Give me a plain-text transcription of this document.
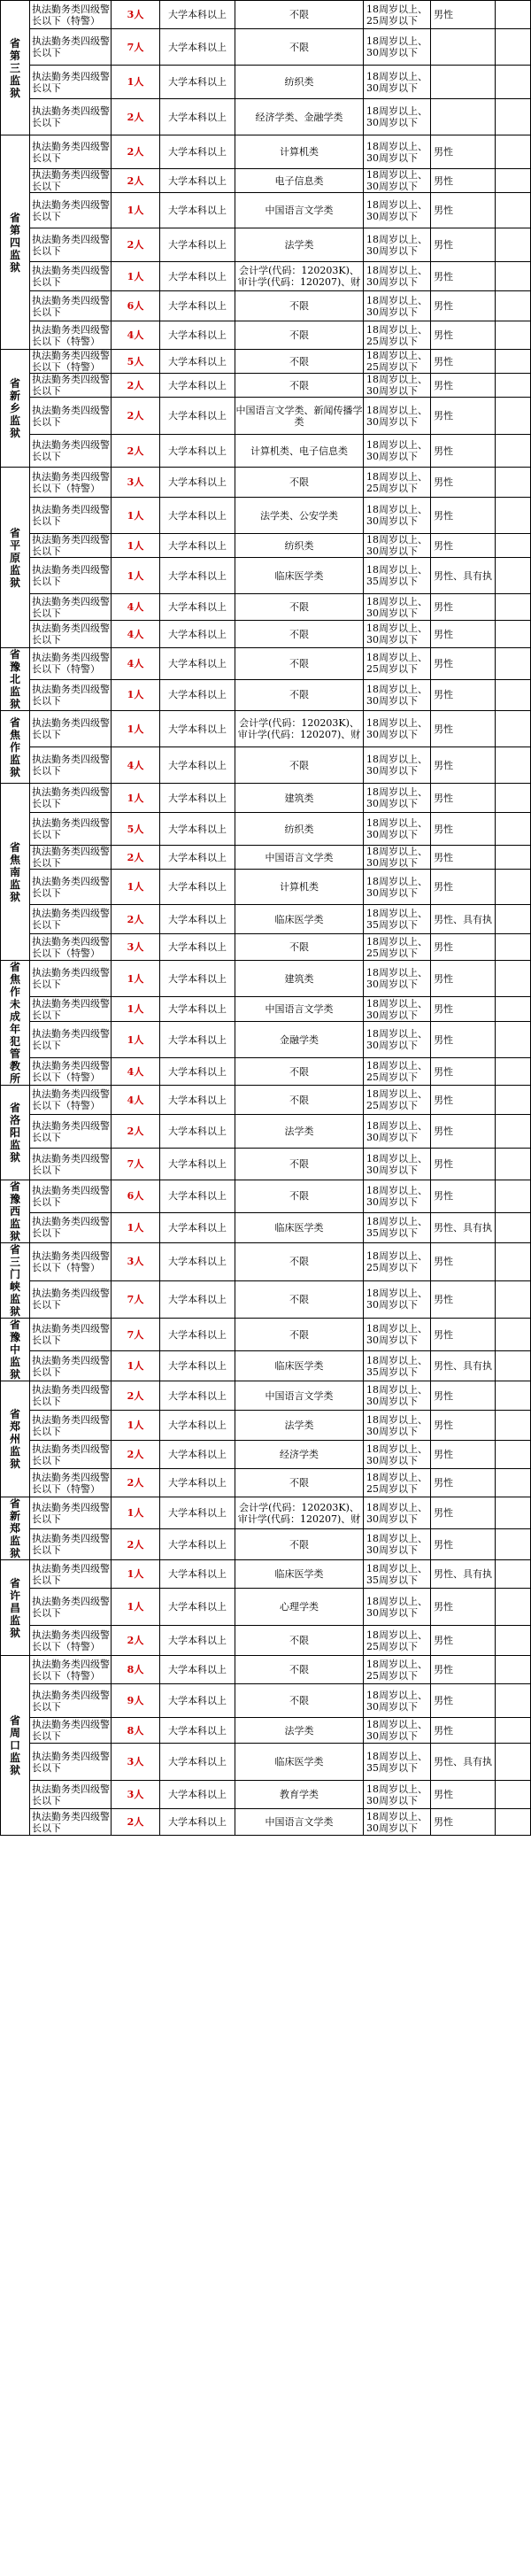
省第三监狱	执法勤务类四级警长以下（特警）	3人	大学本科以上	不限	18周岁以上、25周岁以下	男性	
	执法勤务类四级警长以下	7人	大学本科以上	不限	18周岁以上、30周岁以下		
	执法勤务类四级警长以下	1人	大学本科以上	纺织类	18周岁以上、30周岁以下		
	执法勤务类四级警长以下	2人	大学本科以上	经济学类、金融学类	18周岁以上、30周岁以下		
省第四监狱	执法勤务类四级警长以下	2人	大学本科以上	计算机类	18周岁以上、30周岁以下	男性	
	执法勤务类四级警长以下	2人	大学本科以上	电子信息类	18周岁以上、30周岁以下	男性	
	执法勤务类四级警长以下	1人	大学本科以上	中国语言文学类	18周岁以上、30周岁以下	男性	
	执法勤务类四级警长以下	2人	大学本科以上	法学类	18周岁以上、30周岁以下	男性	
	执法勤务类四级警长以下	1人	大学本科以上	会计学(代码：120203K)、审计学(代码：120207)、财	18周岁以上、30周岁以下	男性	
	执法勤务类四级警长以下	6人	大学本科以上	不限	18周岁以上、30周岁以下	男性	
	执法勤务类四级警长以下（特警）	4人	大学本科以上	不限	18周岁以上、25周岁以下	男性	
省新乡监狱	执法勤务类四级警长以下（特警）	5人	大学本科以上	不限	18周岁以上、25周岁以下	男性	
	执法勤务类四级警长以下	2人	大学本科以上	不限	18周岁以上、30周岁以下	男性	
	执法勤务类四级警长以下	2人	大学本科以上	中国语言文学类、新闻传播学类	18周岁以上、30周岁以下	男性	
	执法勤务类四级警长以下	2人	大学本科以上	计算机类、电子信息类	18周岁以上、30周岁以下	男性	
省平原监狱	执法勤务类四级警长以下（特警）	3人	大学本科以上	不限	18周岁以上、25周岁以下	男性	
	执法勤务类四级警长以下	1人	大学本科以上	法学类、公安学类	18周岁以上、30周岁以下	男性	
	执法勤务类四级警长以下	1人	大学本科以上	纺织类	18周岁以上、30周岁以下	男性	
	执法勤务类四级警长以下	1人	大学本科以上	临床医学类	18周岁以上、35周岁以下	男性、具有执	
	执法勤务类四级警长以下	4人	大学本科以上	不限	18周岁以上、30周岁以下	男性	
	执法勤务类四级警长以下	4人	大学本科以上	不限	18周岁以上、30周岁以下	男性	
省豫北监狱	执法勤务类四级警长以下（特警）	4人	大学本科以上	不限	18周岁以上、25周岁以下	男性	
	执法勤务类四级警长以下	1人	大学本科以上	不限	18周岁以上、30周岁以下	男性	
省焦作监狱	执法勤务类四级警长以下	1人	大学本科以上	会计学(代码：120203K)、审计学(代码：120207)、财	18周岁以上、30周岁以下	男性	
	执法勤务类四级警长以下	4人	大学本科以上	不限	18周岁以上、30周岁以下	男性	
省焦南监狱	执法勤务类四级警长以下	1人	大学本科以上	建筑类	18周岁以上、30周岁以下	男性	
	执法勤务类四级警长以下	5人	大学本科以上	纺织类	18周岁以上、30周岁以下	男性	
	执法勤务类四级警长以下	2人	大学本科以上	中国语言文学类	18周岁以上、30周岁以下	男性	
	执法勤务类四级警长以下	1人	大学本科以上	计算机类	18周岁以上、30周岁以下	男性	
	执法勤务类四级警长以下	2人	大学本科以上	临床医学类	18周岁以上、35周岁以下	男性、具有执	
	执法勤务类四级警长以下（特警）	3人	大学本科以上	不限	18周岁以上、25周岁以下	男性	
省焦作未成年犯管教所	执法勤务类四级警长以下	1人	大学本科以上	建筑类	18周岁以上、30周岁以下	男性	
	执法勤务类四级警长以下	1人	大学本科以上	中国语言文学类	18周岁以上、30周岁以下	男性	
	执法勤务类四级警长以下	1人	大学本科以上	金融学类	18周岁以上、30周岁以下	男性	
	执法勤务类四级警长以下（特警）	4人	大学本科以上	不限	18周岁以上、25周岁以下	男性	
省洛阳监狱	执法勤务类四级警长以下（特警）	4人	大学本科以上	不限	18周岁以上、25周岁以下	男性	
	执法勤务类四级警长以下	2人	大学本科以上	法学类	18周岁以上、30周岁以下	男性	
	执法勤务类四级警长以下	7人	大学本科以上	不限	18周岁以上、30周岁以下	男性	
省豫西监狱	执法勤务类四级警长以下	6人	大学本科以上	不限	18周岁以上、30周岁以下	男性	
	执法勤务类四级警长以下	1人	大学本科以上	临床医学类	18周岁以上、35周岁以下	男性、具有执	
省三门峡监狱	执法勤务类四级警长以下（特警）	3人	大学本科以上	不限	18周岁以上、25周岁以下	男性	
	执法勤务类四级警长以下	7人	大学本科以上	不限	18周岁以上、30周岁以下	男性	
省豫中监狱	执法勤务类四级警长以下	7人	大学本科以上	不限	18周岁以上、30周岁以下	男性	
	执法勤务类四级警长以下	1人	大学本科以上	临床医学类	18周岁以上、35周岁以下	男性、具有执	
省郑州监狱	执法勤务类四级警长以下	2人	大学本科以上	中国语言文学类	18周岁以上、30周岁以下	男性	
	执法勤务类四级警长以下	1人	大学本科以上	法学类	18周岁以上、30周岁以下	男性	
	执法勤务类四级警长以下	2人	大学本科以上	经济学类	18周岁以上、30周岁以下	男性	
	执法勤务类四级警长以下（特警）	2人	大学本科以上	不限	18周岁以上、25周岁以下	男性	
省新郑监狱	执法勤务类四级警长以下	1人	大学本科以上	会计学(代码：120203K)、审计学(代码：120207)、财	18周岁以上、30周岁以下	男性	
	执法勤务类四级警长以下	2人	大学本科以上	不限	18周岁以上、30周岁以下	男性	
省许昌监狱	执法勤务类四级警长以下	1人	大学本科以上	临床医学类	18周岁以上、35周岁以下	男性、具有执	
	执法勤务类四级警长以下	1人	大学本科以上	心理学类	18周岁以上、30周岁以下	男性	
	执法勤务类四级警长以下（特警）	2人	大学本科以上	不限	18周岁以上、25周岁以下	男性	
省周口监狱	执法勤务类四级警长以下（特警）	8人	大学本科以上	不限	18周岁以上、25周岁以下	男性	
	执法勤务类四级警长以下	9人	大学本科以上	不限	18周岁以上、30周岁以下	男性	
	执法勤务类四级警长以下	8人	大学本科以上	法学类	18周岁以上、30周岁以下	男性	
	执法勤务类四级警长以下	3人	大学本科以上	临床医学类	18周岁以上、35周岁以下	男性、具有执	
	执法勤务类四级警长以下	3人	大学本科以上	教育学类	18周岁以上、30周岁以下	男性	
	执法勤务类四级警长以下	2人	大学本科以上	中国语言文学类	18周岁以上、30周岁以下	男性	
